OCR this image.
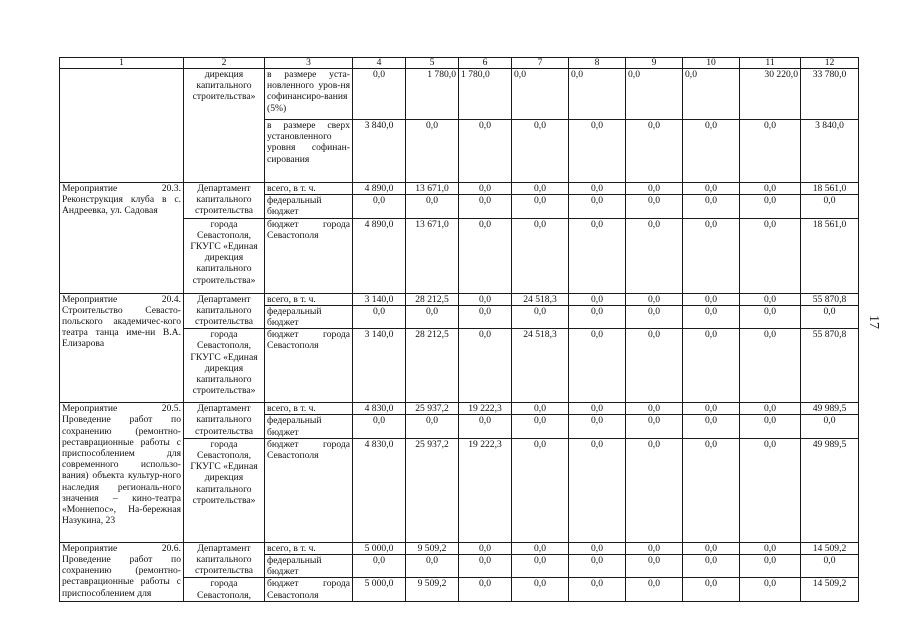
1	2	3	4	5	6	7	8	9	10	11	12
	дирекция капитального строительства»	в размере уста-новленного уров-ня софинансиро-вания (5%)	0,0	1 780,0	1 780,0	0,0	0,0	0,0	0,0	30 220,0	33 780,0
		в размере сверх установленного уровня софинан-сирования	3 840,0	0,0	0,0	0,0	0,0	0,0	0,0	0,0	3 840,0
Мероприятие 20.3. Реконструкция клуба в с. Андреевка, ул. Садовая	Департамент капитального строительства	всего, в т. ч.	4 890,0	13 671,0	0,0	0,0	0,0	0,0	0,0	0,0	18 561,0
		федеральный бюджет	0,0	0,0	0,0	0,0	0,0	0,0	0,0	0,0	0,0
	города Севастополя, ГКУГС «Единая дирекция капитального строительства»	бюджет города Севастополя	4 890,0	13 671,0	0,0	0,0	0,0	0,0	0,0	0,0	18 561,0
Мероприятие 20.4. Строительство Севасто-польского академичес-кого театра танца име-ни В.А. Елизарова	Департамент капитального строительства	всего, в т. ч.	3 140,0	28 212,5	0,0	24 518,3	0,0	0,0	0,0	0,0	55 870,8
		федеральный бюджет	0,0	0,0	0,0	0,0	0,0	0,0	0,0	0,0	0,0
	города Севастополя, ГКУГС «Единая дирекция капитального строительства»	бюджет города Севастополя	3 140,0	28 212,5	0,0	24 518,3	0,0	0,0	0,0	0,0	55 870,8
Мероприятие 20.5. Проведение работ по сохранению (ремонтно-реставрационные работы с приспособлением для современного использо-вания) объекта культур-ного наследия региональ-ного значения – кино-театра «Моннепос», На-бережная Назукина, 23	Департамент капитального строительства	всего, в т. ч.	4 830,0	25 937,2	19 222,3	0,0	0,0	0,0	0,0	0,0	49 989,5
		федеральный бюджет	0,0	0,0	0,0	0,0	0,0	0,0	0,0	0,0	0,0
	города Севастополя, ГКУГС «Единая дирекция капитального строительства»	бюджет города Севастополя	4 830,0	25 937,2	19 222,3	0,0	0,0	0,0	0,0	0,0	49 989,5
Мероприятие 20.6. Проведение работ по сохранению (ремонтно-реставрационные работы с приспособлением для	Департамент капитального строительства	всего, в т. ч.	5 000,0	9 509,2	0,0	0,0	0,0	0,0	0,0	0,0	14 509,2
		федеральный бюджет	0,0	0,0	0,0	0,0	0,0	0,0	0,0	0,0	0,0
	города Севастополя,	бюджет города Севастополя	5 000,0	9 509,2	0,0	0,0	0,0	0,0	0,0	0,0	14 509,2
17
